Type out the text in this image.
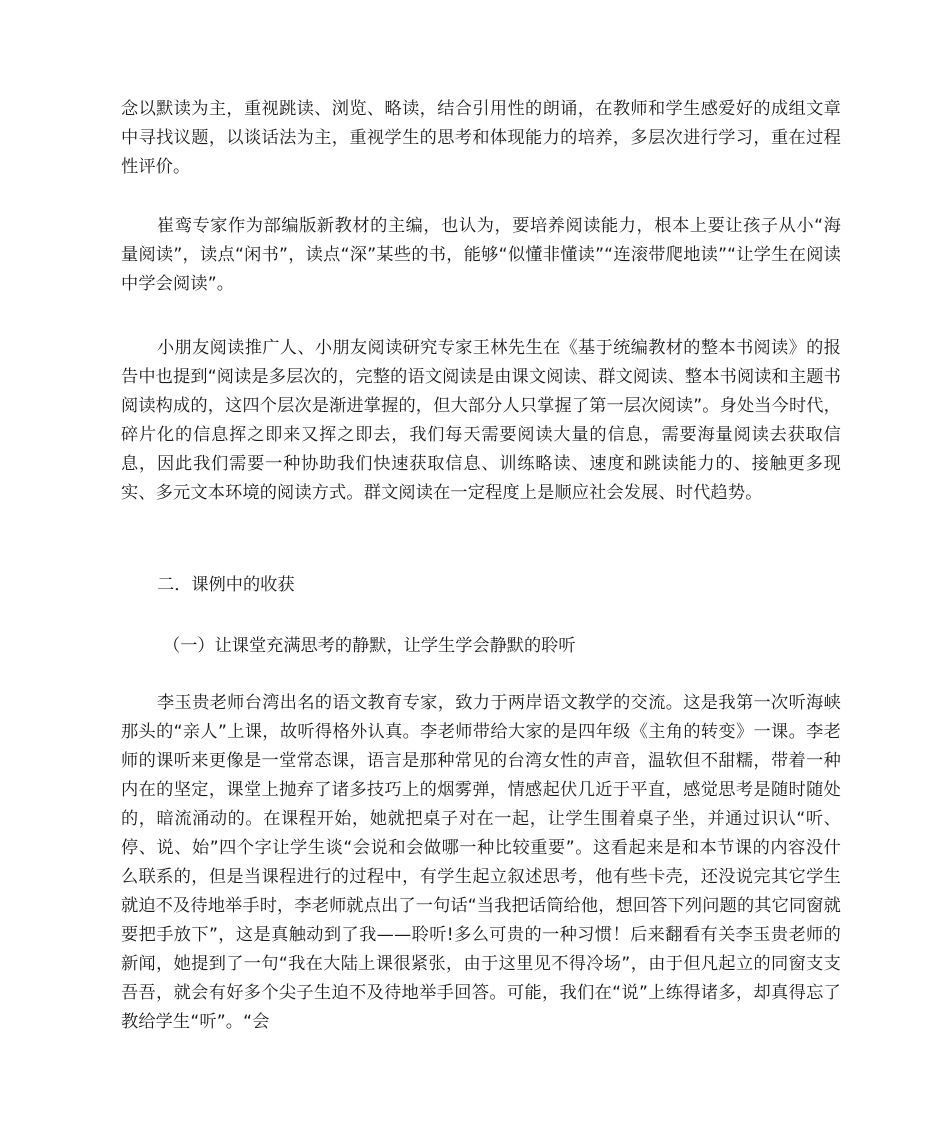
念以默读为主，重视跳读、浏览、略读，结合引用性的朗诵，在教师和学生感爱好的成组文章中寻找议题，以谈话法为主，重视学生的思考和体现能力的培养，多层次进行学习，重在过程性评价。

崔鸾专家作为部编版新教材的主编，也认为，要培养阅读能力，根本上要让孩子从小“海量阅读”，读点“闲书”，读点“深”某些的书，能够“似懂非懂读”“连滚带爬地读”“让学生在阅读中学会阅读”。

小朋友阅读推广人、小朋友阅读研究专家王林先生在《基于统编教材的整本书阅读》的报告中也提到“阅读是多层次的，完整的语文阅读是由课文阅读、群文阅读、整本书阅读和主题书阅读构成的，这四个层次是渐进掌握的，但大部分人只掌握了第一层次阅读”。身处当今时代，碎片化的信息挥之即来又挥之即去，我们每天需要阅读大量的信息，需要海量阅读去获取信息，因此我们需要一种协助我们快速获取信息、训练略读、速度和跳读能力的、接触更多现实、多元文本环境的阅读方式。群文阅读在一定程度上是顺应社会发展、时代趋势。

二．课例中的收获
（一）让课堂充满思考的静默，让学生学会静默的聆听

李玉贵老师台湾出名的语文教育专家，致力于两岸语文教学的交流。这是我第一次听海峡那头的“亲人”上课，故听得格外认真。李老师带给大家的是四年级《主角的转变》一课。李老师的课听来更像是一堂常态课，语言是那种常见的台湾女性的声音，温软但不甜糯，带着一种内在的坚定，课堂上抛弃了诸多技巧上的烟雾弹，情感起伏几近于平直，感觉思考是随时随处的，暗流涌动的。在课程开始，她就把桌子对在一起，让学生围着桌子坐，并通过识认“听、停、说、始”四个字让学生谈“会说和会做哪一种比较重要”。这看起来是和本节课的内容没什么联系的，但是当课程进行的过程中，有学生起立叙述思考，他有些卡壳，还没说完其它学生就迫不及待地举手时，李老师就点出了一句话“当我把话筒给他，想回答下列问题的其它同窗就要把手放下”，这是真触动到了我——聆听!多么可贵的一种习惯！后来翻看有关李玉贵老师的新闻，她提到了一句“我在大陆上课很紧张，由于这里见不得冷场”，由于但凡起立的同窗支支吾吾，就会有好多个尖子生迫不及待地举手回答。可能，我们在“说”上练得诸多，却真得忘了教给学生“听”。“会
